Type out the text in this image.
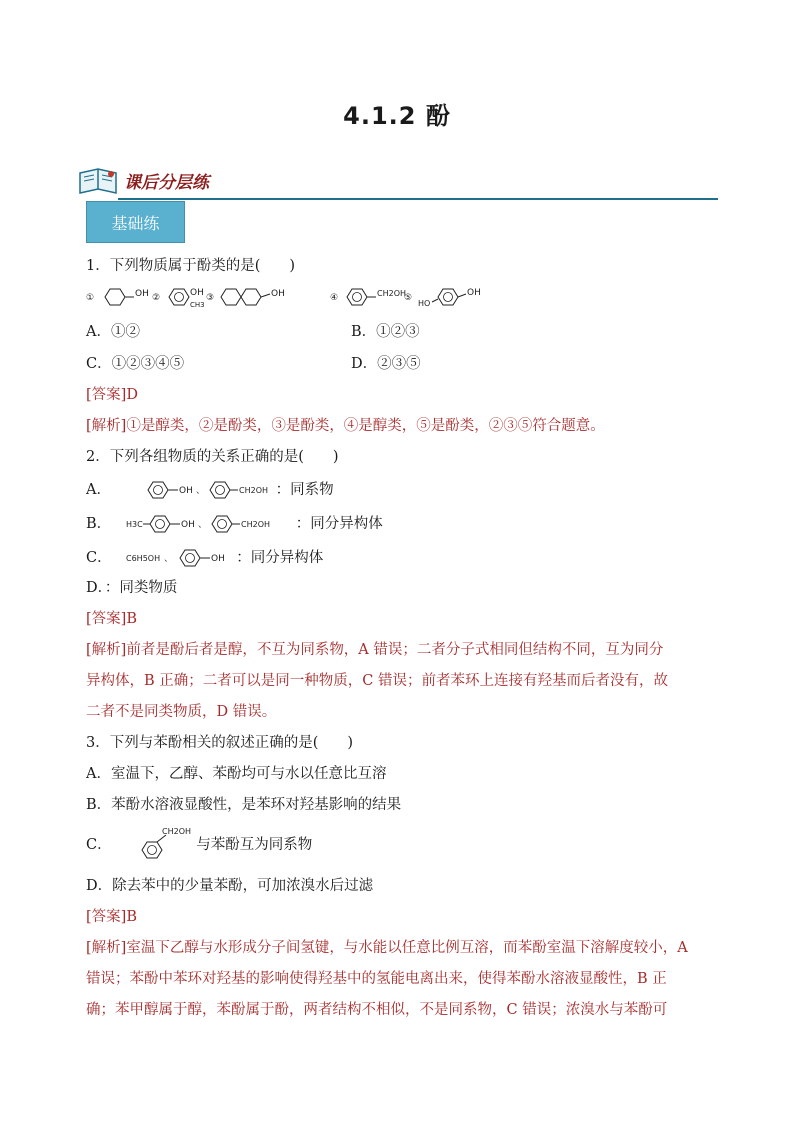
4.1.2 酚
课后分层练
基础练
1．下列物质属于酚类的是(　　)
①	OH ②	OH
CH3
③	OH	④	CH2OH
⑤
HO
OH
A．①②	B．①②③
C．①②③④⑤	D．②③⑤
[答案]D
[解析]①是醇类，②是酚类，③是酚类，④是醇类，⑤是酚类，②③⑤符合题意。
2．下列各组物质的关系正确的是(　　)
A．	OH 、	CH2OH ：同系物
B． H3C	OH 、	CH2OH ：同分异构体
C． C6H5OH 、	OH ：同分异构体
D．：同类物质
[答案]B
[解析]前者是酚后者是醇，不互为同系物，A 错误；二者分子式相同但结构不同，互为同分
异构体，B 正确；二者可以是同一种物质，C 错误；前者苯环上连接有羟基而后者没有，故
二者不是同类物质，D 错误。
3．下列与苯酚相关的叙述正确的是(　　)
A．室温下，乙醇、苯酚均可与水以任意比互溶
B．苯酚水溶液显酸性，是苯环对羟基影响的结果
C．
CH2OH
与苯酚互为同系物
D．除去苯中的少量苯酚，可加浓溴水后过滤
[答案]B
[解析]室温下乙醇与水形成分子间氢键，与水能以任意比例互溶，而苯酚室温下溶解度较小，A
错误；苯酚中苯环对羟基的影响使得羟基中的氢能电离出来，使得苯酚水溶液显酸性，B 正
确；苯甲醇属于醇，苯酚属于酚，两者结构不相似，不是同系物，C 错误；浓溴水与苯酚可
